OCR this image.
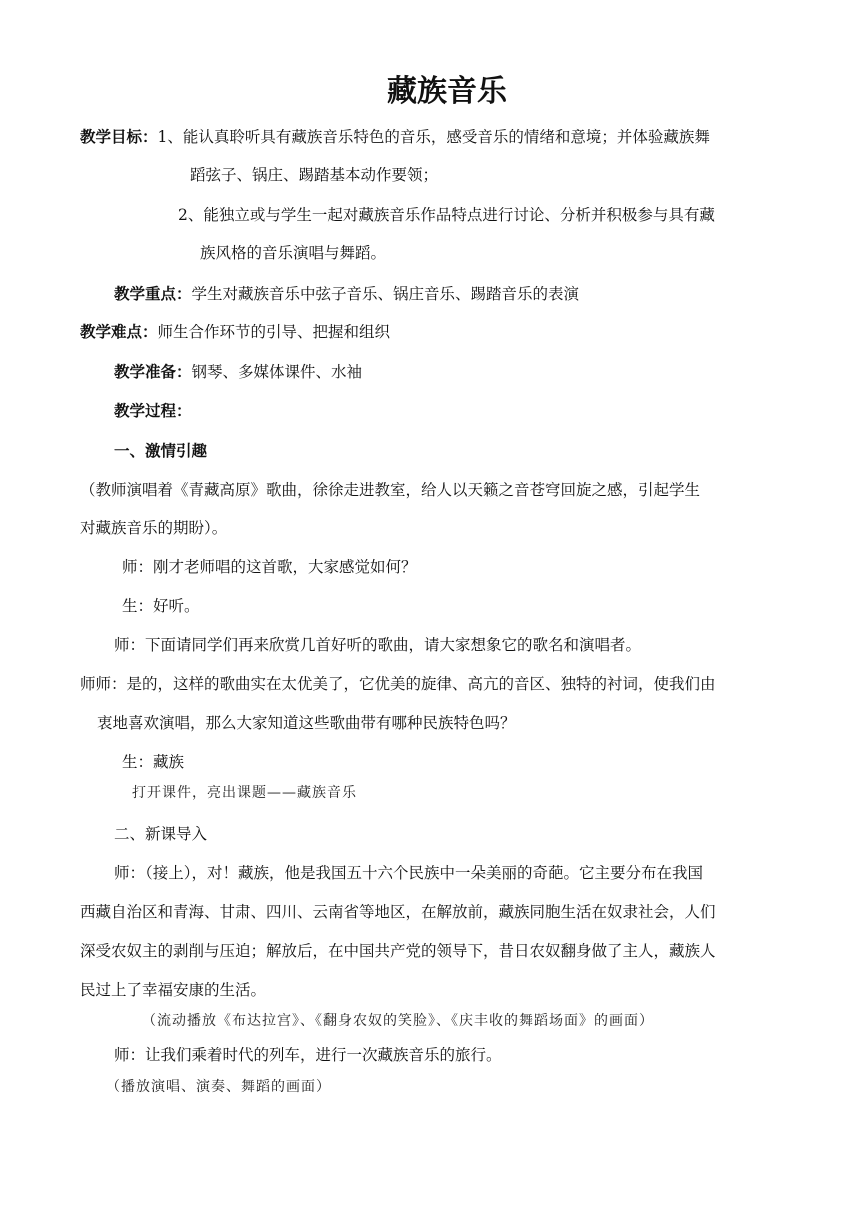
藏族音乐
教学目标：1、能认真聆听具有藏族音乐特色的音乐，感受音乐的情绪和意境；并体验藏族舞
蹈弦子、锅庄、踢踏基本动作要领；
2、能独立或与学生一起对藏族音乐作品特点进行讨论、分析并积极参与具有藏
族风格的音乐演唱与舞蹈。
教学重点：学生对藏族音乐中弦子音乐、锅庄音乐、踢踏音乐的表演
教学难点：师生合作环节的引导、把握和组织
教学准备：钢琴、多媒体课件、水袖
教学过程：
一、激情引趣
（教师演唱着《青藏高原》歌曲，徐徐走进教室，给人以天籁之音苍穹回旋之感，引起学生
对藏族音乐的期盼）。
师：刚才老师唱的这首歌，大家感觉如何？
生：好听。
师：下面请同学们再来欣赏几首好听的歌曲，请大家想象它的歌名和演唱者。
师师：是的，这样的歌曲实在太优美了，它优美的旋律、高亢的音区、独特的衬词，使我们由
衷地喜欢演唱，那么大家知道这些歌曲带有哪种民族特色吗？
生：藏族
打开课件，亮出课题——藏族音乐
二、新课导入
师：（接上），对！藏族，他是我国五十六个民族中一朵美丽的奇葩。它主要分布在我国
西藏自治区和青海、甘肃、四川、云南省等地区，在解放前，藏族同胞生活在奴隶社会，人们
深受农奴主的剥削与压迫；解放后，在中国共产党的领导下，昔日农奴翻身做了主人，藏族人
民过上了幸福安康的生活。
（流动播放《布达拉宫》、《翻身农奴的笑脸》、《庆丰收的舞蹈场面》的画面）
师：让我们乘着时代的列车，进行一次藏族音乐的旅行。
（播放演唱、演奏、舞蹈的画面）
